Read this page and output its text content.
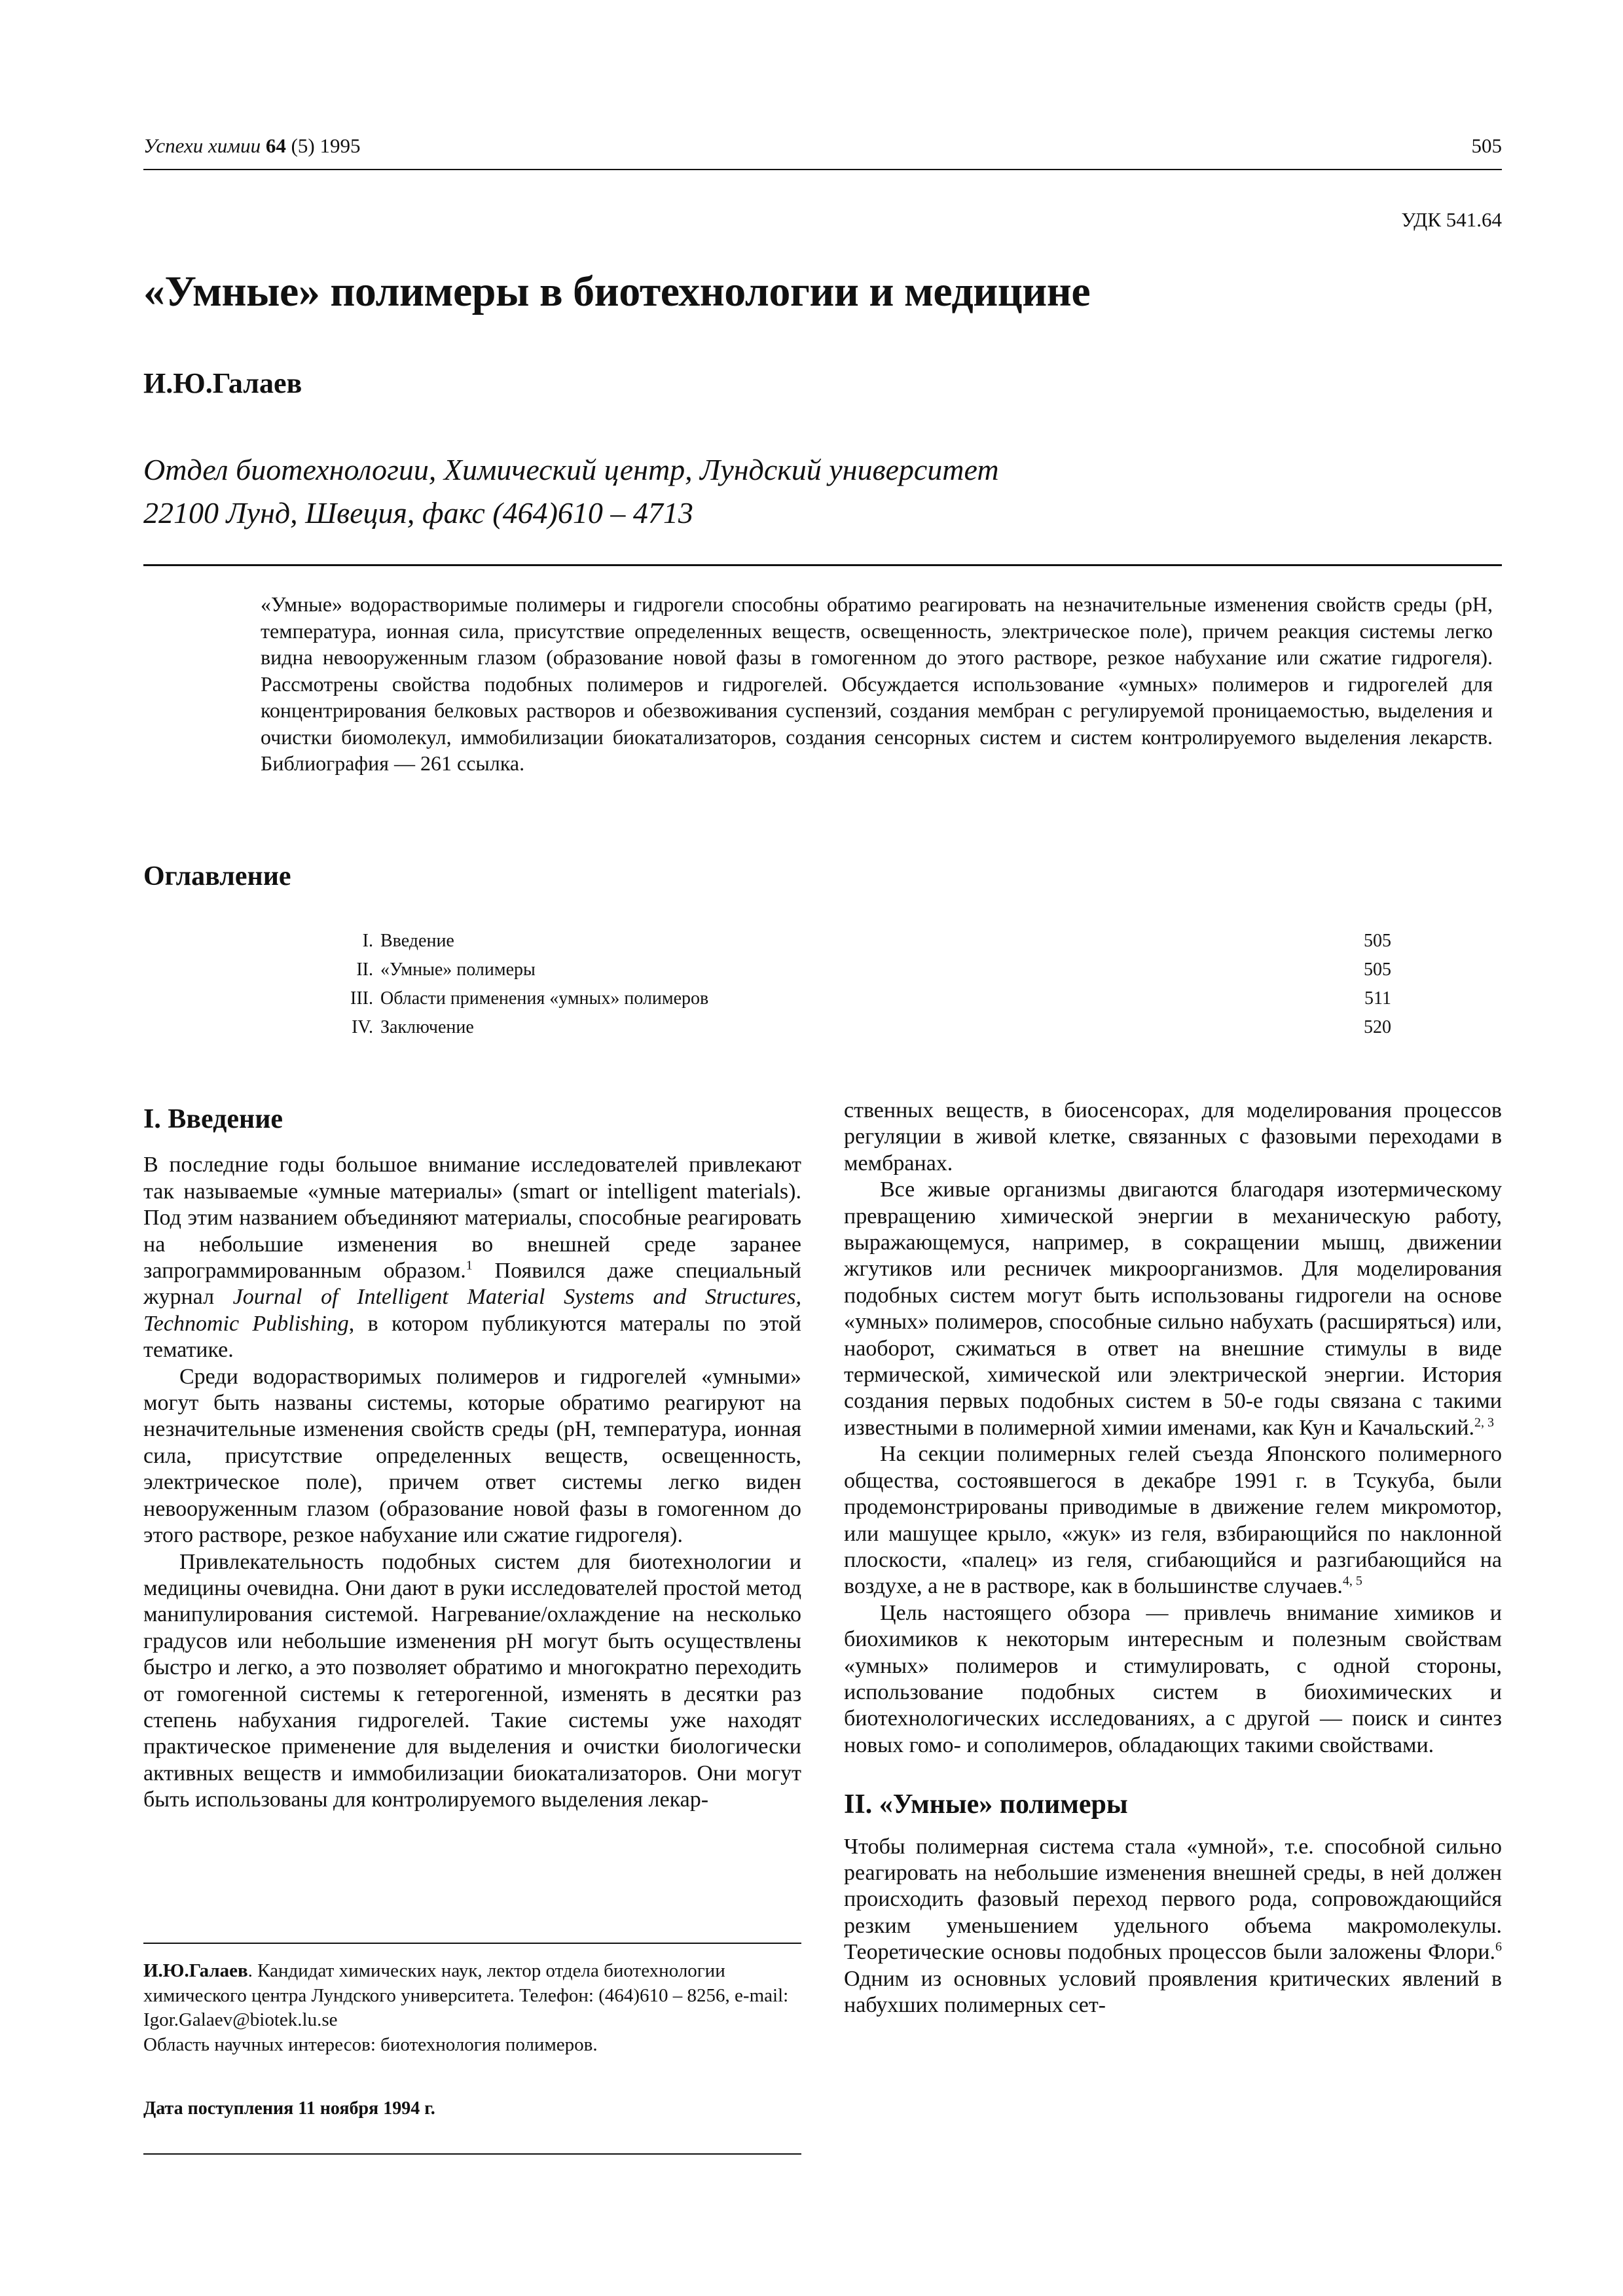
Успехи химии 64 (5) 1995	505
УДК 541.64
«Умные» полимеры в биотехнологии и медицине
И.Ю.Галаев
Отдел биотехнологии, Химический центр, Лундский университет
22100 Лунд, Швеция, факс (464)610 – 4713
«Умные» водорастворимые полимеры и гидрогели способны обратимо реагировать на незначительные изменения свойств среды (pH, температура, ионная сила, присутствие определенных веществ, освещенность, электрическое поле), причем реакция системы легко видна невооруженным глазом (образование новой фазы в гомогенном до этого растворе, резкое набухание или сжатие гидрогеля). Рассмотрены свойства подобных полимеров и гидрогелей. Обсуждается использование «умных» полимеров и гидрогелей для концентрирования белковых растворов и обезвоживания суспензий, создания мембран с регулируемой проницаемостью, выделения и очистки биомолекул, иммобилизации биокатализаторов, создания сенсорных систем и систем контролируемого выделения лекарств. Библиография — 261 ссылка.
Оглавление
I. Введение	505
II. «Умные» полимеры	505
III. Области применения «умных» полимеров	511
IV. Заключение	520
I. Введение

В последние годы большое внимание исследователей привлекают так называемые «умные материалы» (smart or intelligent materials). Под этим названием объединяют материалы, способные реагировать на небольшие изменения во внешней среде заранее запрограммированным образом.$^1$ Появился даже специальный журнал Journal of Intelligent Material Systems and Structures, Technomic Publishing, в котором публикуются матерaлы по этой тематике.

Среди водорастворимых полимеров и гидрогелей «умными» могут быть названы системы, которые обратимо реагируют на незначительные изменения свойств среды (pH, температура, ионная сила, присутствие определенных веществ, освещенность, электрическое поле), причем ответ системы легко виден невооруженным глазом (образование новой фазы в гомогенном до этого растворе, резкое набухание или сжатие гидрогеля).

Привлекательность подобных систем для биотехнологии и медицины очевидна. Они дают в руки исследователей простой метод манипулирования системой. Нагревание/охлаждение на несколько градусов или небольшие изменения pH могут быть осуществлены быстро и легко, а это позволяет обратимо и многократно переходить от гомогенной системы к гетерогенной, изменять в десятки раз степень набухания гидрогелей. Такие системы уже находят практическое применение для выделения и очистки биологически активных веществ и иммобилизации биокатализаторов. Они могут быть использованы для контролируемого выделения лекар-

ственных веществ, в биосенсорах, для моделирования процессов регуляции в живой клетке, связанных с фазовыми переходами в мембранах.

Все живые организмы двигаются благодаря изотермическому превращению химической энергии в механическую работу, выражающемуся, например, в сокращении мышц, движении жгутиков или ресничек микроорганизмов. Для моделирования подобных систем могут быть использованы гидрогели на основе «умных» полимеров, способные сильно набухать (расширяться) или, наоборот, сжиматься в ответ на внешние стимулы в виде термической, химической или электрической энергии. История создания первых подобных систем в 50-е годы связана с такими известными в полимерной химии именами, как Кун и Качальский.$^{2, 3}$

На секции полимерных гелей съезда Японского полимерного общества, состоявшегося в декабре 1991 г. в Тсукуба, были продемонстрированы приводимые в движение гелем микромотор, или машущее крыло, «жук» из геля, взбирающийся по наклонной плоскости, «палец» из геля, сгибающийся и разгибающийся на воздухе, а не в растворе, как в большинстве случаев.$^{4, 5}$

Цель настоящего обзора — привлечь внимание химиков и биохимиков к некоторым интересным и полезным свойствам «умных» полимеров и стимулировать, с одной стороны, использование подобных систем в биохимических и биотехнологических исследованиях, а с другой — поиск и синтез новых гомо- и сополимеров, обладающих такими свойствами.

II. «Умные» полимеры

Чтобы полимерная система стала «умной», т.е. способной сильно реагировать на небольшие изменения внешней среды, в ней должен происходить фазовый переход первого рода, сопровождающийся резким уменьшением удельного объема макромолекулы. Теоретические основы подобных процессов были заложены Флори.$^6$ Одним из основных условий проявления критических явлений в набухших полимерных сет-

И.Ю.Галаев. Кандидат химических наук, лектор отдела биотехнологии химического центра Лундского университета. Телефон: (464)610 – 8256, e-mail: Igor.Galaev@biotek.lu.se
Область научных интересов: биотехнология полимеров.
Дата поступления 11 ноября 1994 г.
